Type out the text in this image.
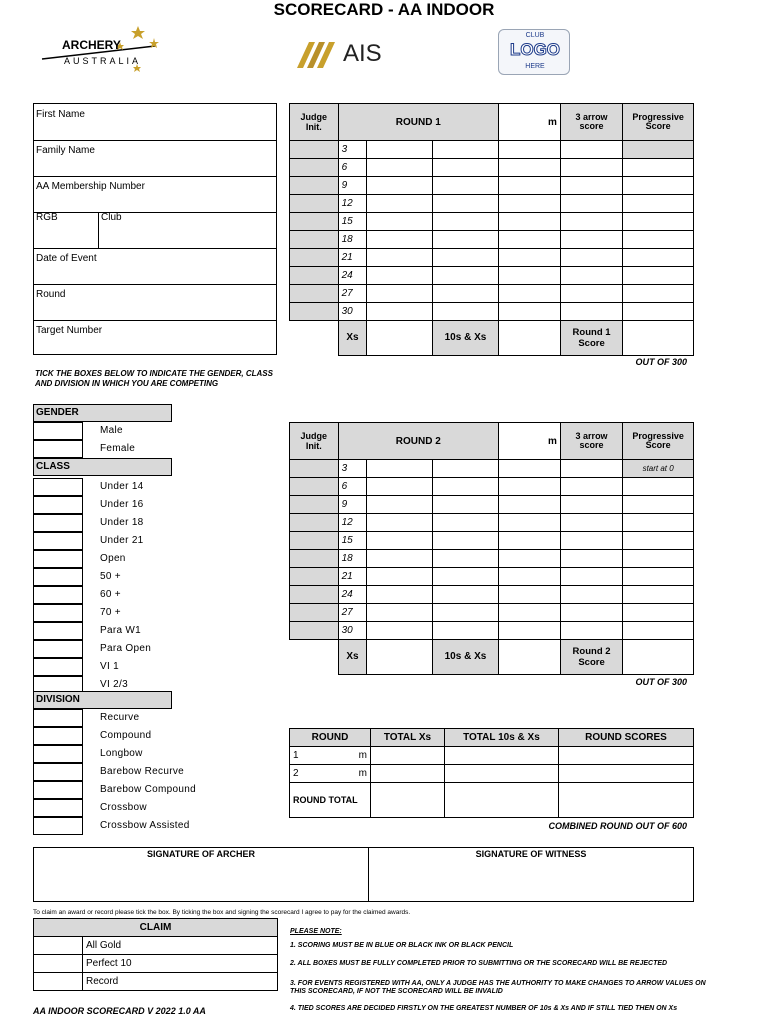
SCORECARD - AA INDOOR
ARCHERY
AUSTRALIA	AIS
CLUB
LOGO
HERE
First Name
Family Name
AA Membership Number
RGB	Club
Date of Event
Round
Target Number
TICK THE BOXES BELOW TO INDICATE THE GENDER, CLASS AND DIVISION IN WHICH YOU ARE COMPETING
GENDER
Male
Female
CLASS
Under 14
Under 16
Under 18
Under 21
Open
50 +
60 +
70 +
Para W1
Para Open
VI 1
VI 2/3
DIVISION
Recurve
Compound
Longbow
Barebow Recurve
Barebow Compound
Crossbow
Crossbow Assisted
Judge Init.	ROUND 1			m	3 arrow score	Progressive Score
	3					
	6					
	9					
	12					
	15					
	18					
	21					
	24					
	27					
	30					
	Xs		10s & Xs		Round 1 Score	
OUT OF 300
Judge Init.	ROUND 2			m	3 arrow score	Progressive Score
	3					start at 0
	6					
	9					
	12					
	15					
	18					
	21					
	24					
	27					
	30					
	Xs		10s & Xs		Round 2 Score	
OUT OF 300
ROUND	TOTAL Xs	TOTAL 10s & Xs	ROUND SCORES
1 m			

2 m			

ROUND TOTAL			
COMBINED ROUND OUT OF 600
SIGNATURE OF ARCHER	SIGNATURE OF WITNESS
To claim an award or record please tick the box. By ticking the box and signing the scorecard I agree to pay for the claimed awards.
CLAIM	
	All Gold
	Perfect 10
	Record
PLEASE NOTE:
1. SCORING MUST BE IN BLUE OR BLACK INK OR BLACK PENCIL
2. ALL BOXES MUST BE FULLY COMPLETED PRIOR TO SUBMITTING OR THE SCORECARD WILL BE REJECTED
3. FOR EVENTS REGISTERED WITH AA, ONLY A JUDGE HAS THE AUTHORITY TO MAKE CHANGES TO ARROW VALUES ON THIS SCORECARD, IF NOT THE SCORECARD WILL BE INVALID
4. TIED SCORES ARE DECIDED FIRSTLY ON THE GREATEST NUMBER OF 10s & Xs AND IF STILL TIED THEN ON Xs
AA INDOOR SCORECARD V 2022 1.0 AA
